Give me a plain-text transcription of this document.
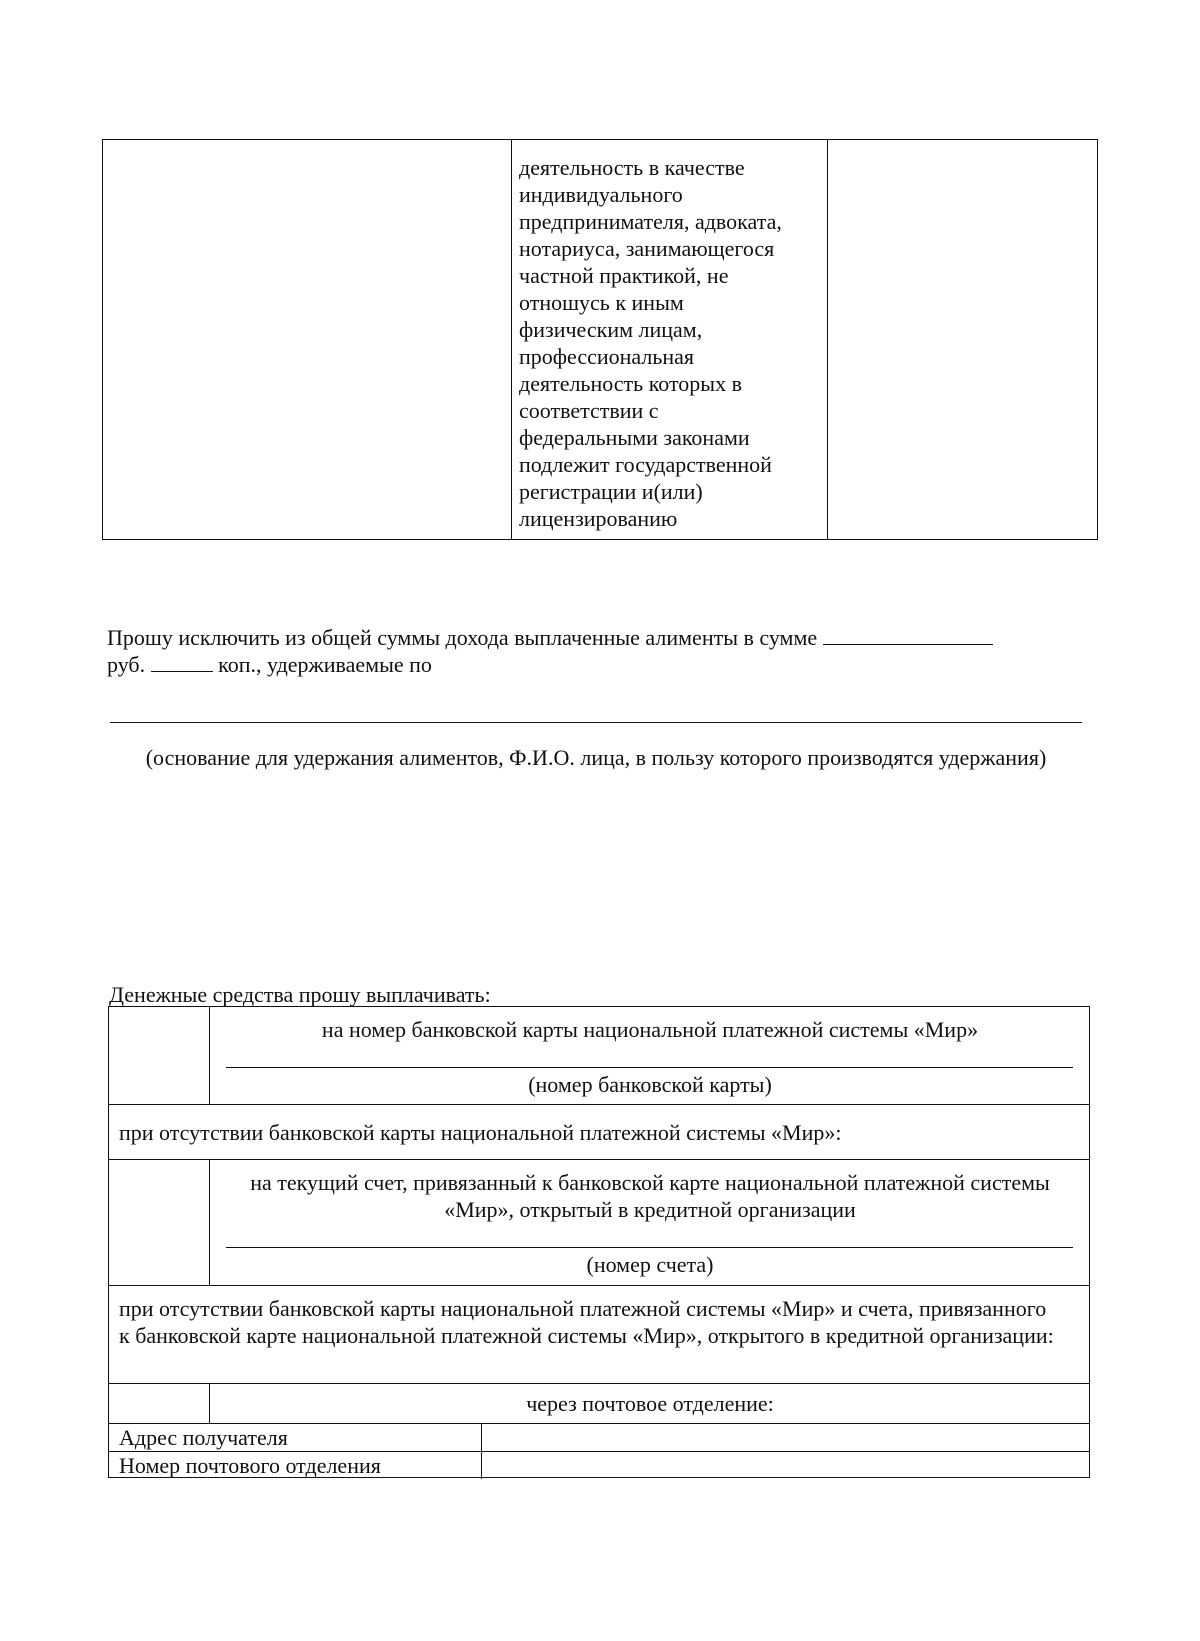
деятельность в качестве
индивидуального
предпринимателя, адвоката,
нотариуса, занимающегося
частной практикой, не
отношусь к иным
физическим лицам,
профессиональная
деятельность которых в
соответствии с
федеральными законами
подлежит государственной
регистрации и(или)
лицензированию
Прошу исключить из общей суммы дохода выплаченные алименты в сумме
руб.	коп., удерживаемые по
(основание для удержания алиментов, Ф.И.О. лица, в пользу которого производятся удержания)
Денежные средства прошу выплачивать:
на номер банковской карты национальной платежной системы «Мир»
(номер банковской карты)
при отсутствии банковской карты национальной платежной системы «Мир»:
на текущий счет, привязанный к банковской карте национальной платежной системы «Мир», открытый в кредитной организации
(номер счета)
при отсутствии банковской карты национальной платежной системы «Мир» и счета, привязанного к банковской карте национальной платежной системы «Мир», открытого в кредитной организации:
через почтовое отделение:
Адрес получателя
Номер почтового отделения
